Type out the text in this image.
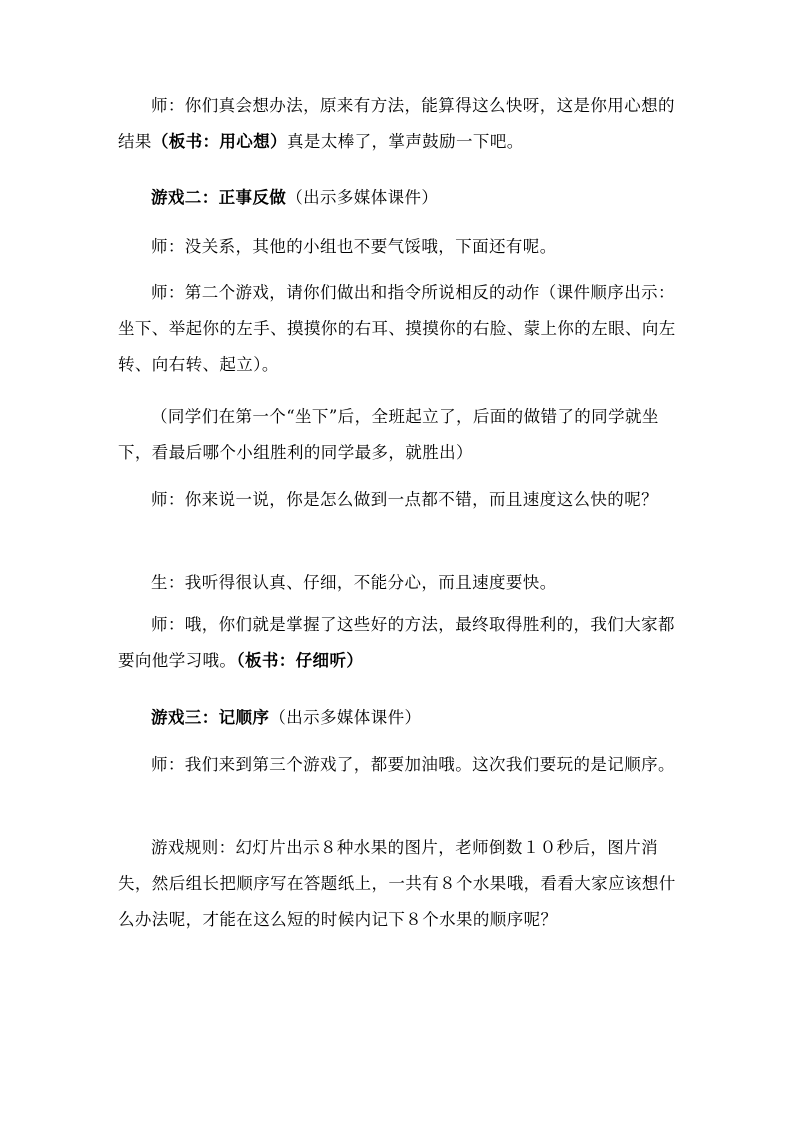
师：你们真会想办法，原来有方法，能算得这么快呀，这是你用心想的结果（板书：用心想）真是太棒了，掌声鼓励一下吧。

游戏二：正事反做（出示多媒体课件）

师：没关系，其他的小组也不要气馁哦，下面还有呢。

师：第二个游戏，请你们做出和指令所说相反的动作（课件顺序出示：坐下、举起你的左手、摸摸你的右耳、摸摸你的右脸、蒙上你的左眼、向左转、向右转、起立）。

（同学们在第一个“坐下”后，全班起立了，后面的做错了的同学就坐下，看最后哪个小组胜利的同学最多，就胜出）

师：你来说一说，你是怎么做到一点都不错，而且速度这么快的呢？

生：我听得很认真、仔细，不能分心，而且速度要快。

师：哦，你们就是掌握了这些好的方法，最终取得胜利的，我们大家都要向他学习哦。（板书：仔细听）

游戏三：记顺序（出示多媒体课件）

师：我们来到第三个游戏了，都要加油哦。这次我们要玩的是记顺序。

游戏规则：幻灯片出示８种水果的图片，老师倒数１０秒后，图片消失，然后组长把顺序写在答题纸上，一共有８个水果哦，看看大家应该想什么办法呢，才能在这么短的时候内记下８个水果的顺序呢？
